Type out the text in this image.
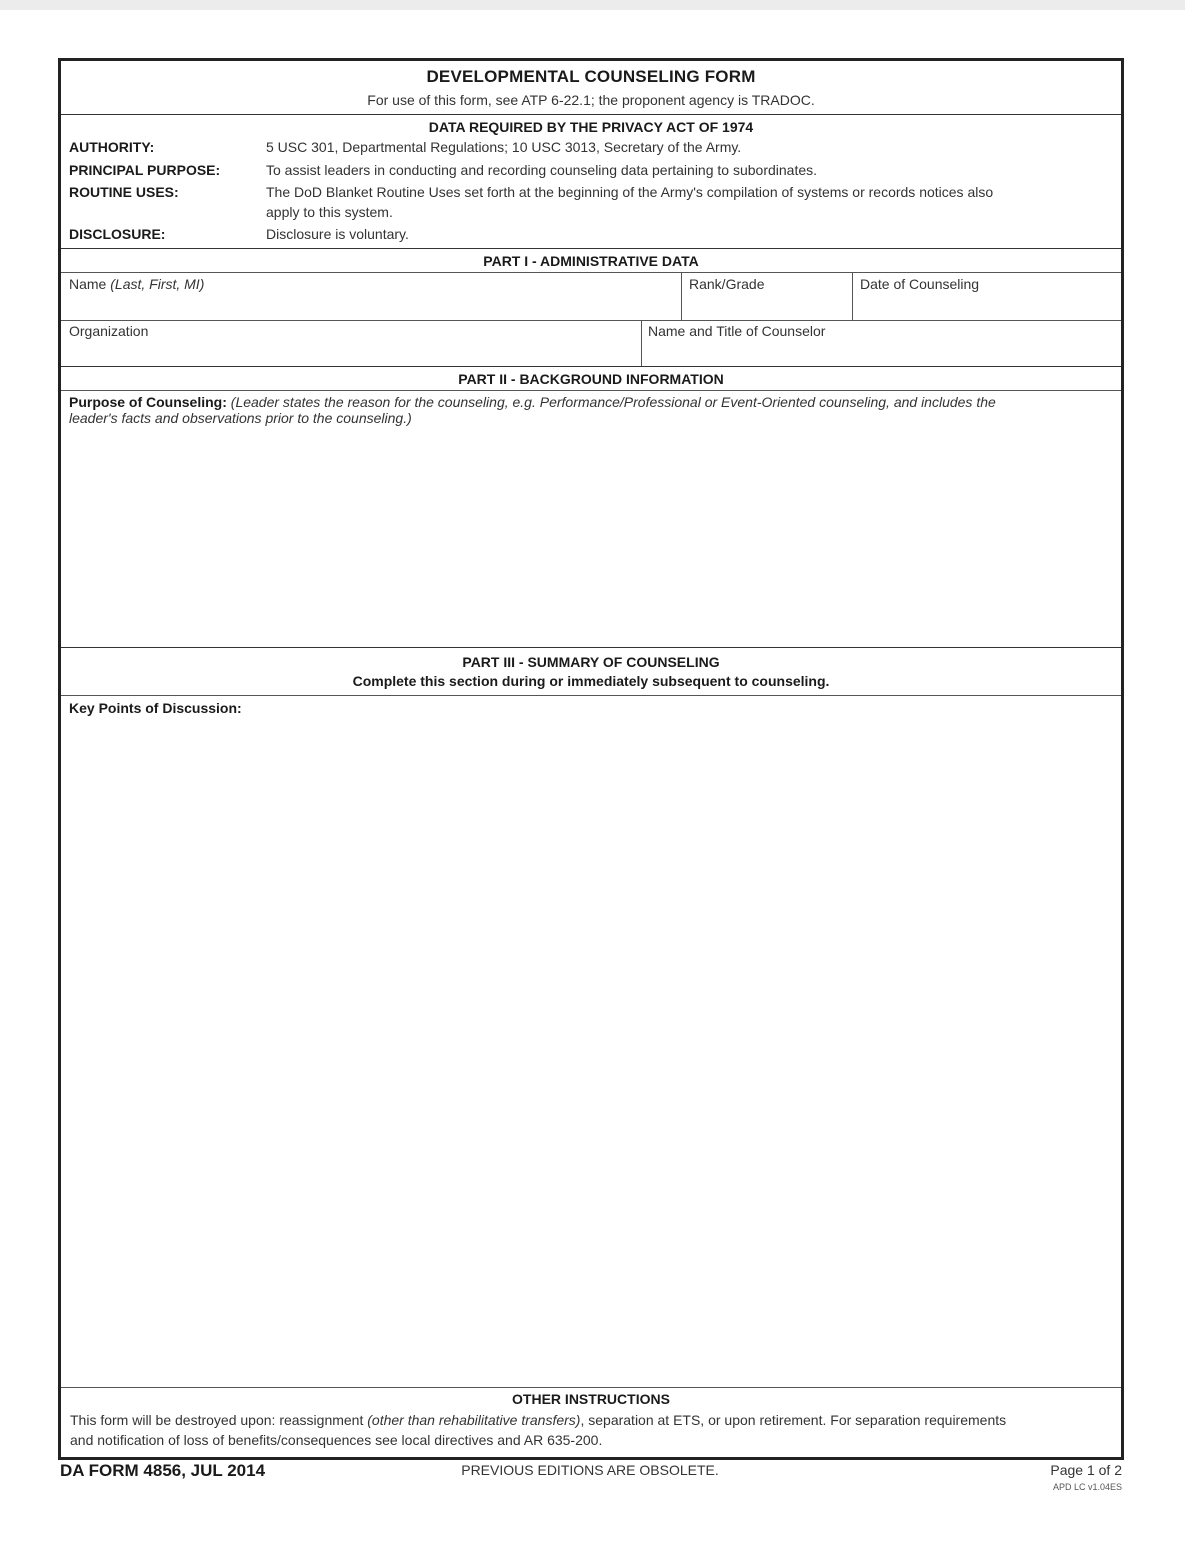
DEVELOPMENTAL COUNSELING FORM
For use of this form, see ATP 6-22.1; the proponent agency is TRADOC.
DATA REQUIRED BY THE PRIVACY ACT OF 1974
AUTHORITY:	5 USC 301, Departmental Regulations; 10 USC 3013, Secretary of the Army.
PRINCIPAL PURPOSE:	To assist leaders in conducting and recording counseling data pertaining to subordinates.
ROUTINE USES:	The DoD Blanket Routine Uses set forth at the beginning of the Army's compilation of systems or records notices also
apply to this system.
DISCLOSURE:	Disclosure is voluntary.
PART I - ADMINISTRATIVE DATA
Name (Last, First, MI)	Rank/Grade	Date of Counseling
Organization	Name and Title of Counselor
PART II - BACKGROUND INFORMATION
Purpose of Counseling: (Leader states the reason for the counseling, e.g. Performance/Professional or Event-Oriented counseling, and includes the
leader's facts and observations prior to the counseling.)
PART III - SUMMARY OF COUNSELING
Complete this section during or immediately subsequent to counseling.
Key Points of Discussion:
OTHER INSTRUCTIONS
This form will be destroyed upon: reassignment (other than rehabilitative transfers), separation at ETS, or upon retirement. For separation requirements
and notification of loss of benefits/consequences see local directives and AR 635-200.
DA FORM 4856, JUL 2014	PREVIOUS EDITIONS ARE OBSOLETE.	Page 1 of 2
APD LC v1.04ES
